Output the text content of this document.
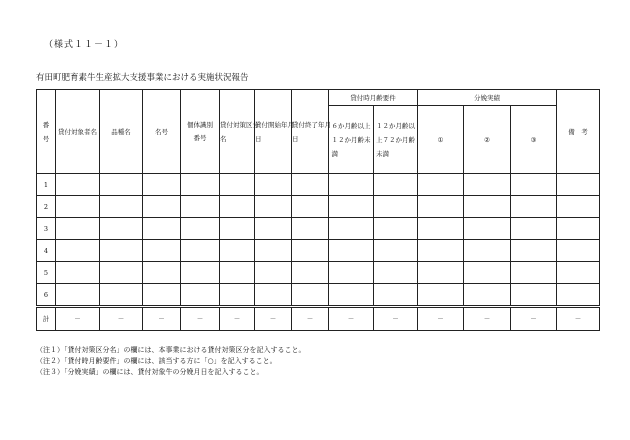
（様式１１－１）
有田町肥育素牛生産拡大支援事業における実施状況報告
番号	貸付対象者名	品種名	名号	個体識別番号	貸付対策区分名	貸付開始年月日	貸付終了年月日	貸付時月齢要件		分娩実績			備　考
								６か月齢以上１２か月齢未満	１２か月齢以上７２か月齢未満	①	②	③	
1													
2													
3													
4													
5													
6													
計	－	－	－	－	－	－	－	－	－	－	－	－	－
（注１）「貸付対策区分名」の欄には、本事業における貸付対策区分を記入すること。
（注２）「貸付時月齢要件」の欄には、該当する方に「○」を記入すること。
（注３）「分娩実績」の欄には、貸付対象牛の分娩月日を記入すること。
